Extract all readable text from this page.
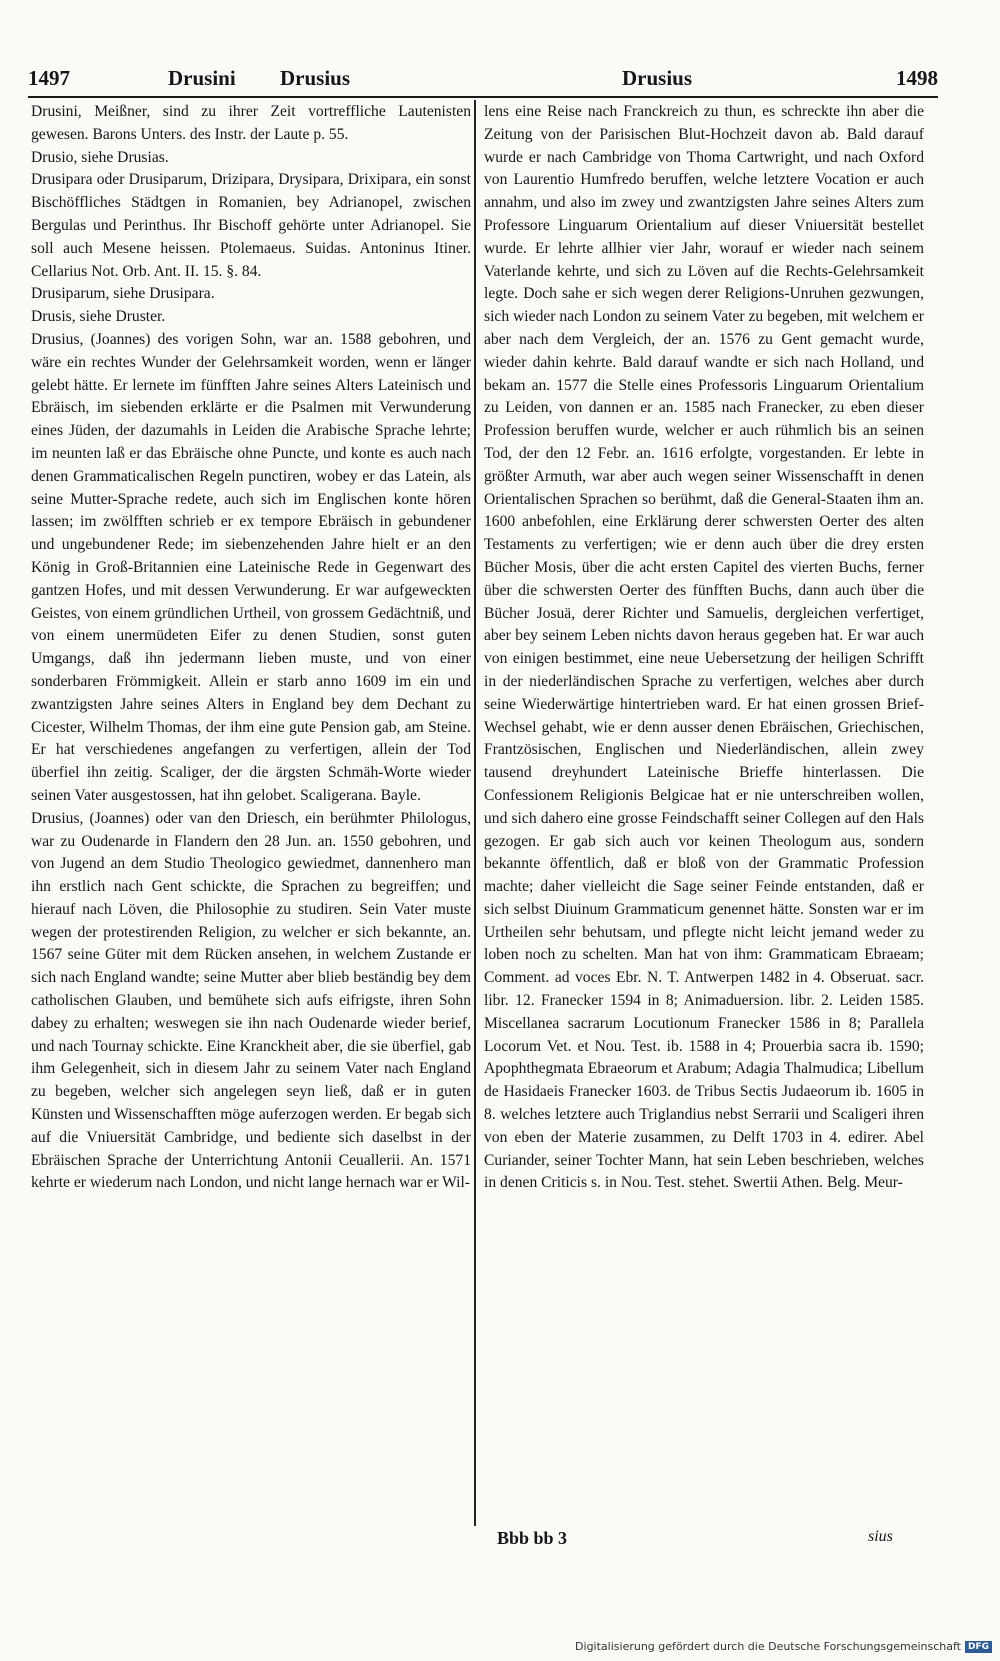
1497	Drusini Drusius	Drusius	1498

Drusini, Meißner, sind zu ihrer Zeit vortreffliche Lautenisten gewesen. Barons Unters. des Instr. der Laute p. 55.

Drusio, siehe Drusias.

Drusipara oder Drusiparum, Drizipara, Drysipara, Drixipara, ein sonst Bischöffliches Städtgen in Romanien, bey Adrianopel, zwischen Bergulas und Perinthus. Ihr Bischoff gehörte unter Adrianopel. Sie soll auch Mesene heissen. Ptolemaeus. Suidas. Antoninus Itiner. Cellarius Not. Orb. Ant. II. 15. §. 84.

Drusiparum, siehe Drusipara.

Drusis, siehe Druster.

Drusius, (Joannes) des vorigen Sohn, war an. 1588 gebohren, und wäre ein rechtes Wunder der Gelehrsamkeit worden, wenn er länger gelebt hätte. Er lernete im fünfften Jahre seines Alters Lateinisch und Ebräisch, im siebenden erklärte er die Psalmen mit Verwunderung eines Jüden, der dazumahls in Leiden die Arabische Sprache lehrte; im neunten laß er das Ebräische ohne Puncte, und konte es auch nach denen Grammaticalischen Regeln punctiren, wobey er das Latein, als seine Mutter-Sprache redete, auch sich im Englischen konte hören lassen; im zwölfften schrieb er ex tempore Ebräisch in gebundener und ungebundener Rede; im siebenzehenden Jahre hielt er an den König in Groß-Britannien eine Lateinische Rede in Gegenwart des gantzen Hofes, und mit dessen Verwunderung. Er war aufgeweckten Geistes, von einem gründlichen Urtheil, von grossem Gedächtniß, und von einem unermüdeten Eifer zu denen Studien, sonst guten Umgangs, daß ihn jedermann lieben muste, und von einer sonderbaren Frömmigkeit. Allein er starb anno 1609 im ein und zwantzigsten Jahre seines Alters in England bey dem Dechant zu Cicester, Wilhelm Thomas, der ihm eine gute Pension gab, am Steine. Er hat verschiedenes angefangen zu verfertigen, allein der Tod überfiel ihn zeitig. Scaliger, der die ärgsten Schmäh-Worte wieder seinen Vater ausgestossen, hat ihn gelobet. Scaligerana. Bayle.

Drusius, (Joannes) oder van den Driesch, ein berühmter Philologus, war zu Oudenarde in Flandern den 28 Jun. an. 1550 gebohren, und von Jugend an dem Studio Theologico gewiedmet, dannenhero man ihn erstlich nach Gent schickte, die Sprachen zu begreiffen; und hierauf nach Löven, die Philosophie zu studiren. Sein Vater muste wegen der protestirenden Religion, zu welcher er sich bekannte, an. 1567 seine Güter mit dem Rücken ansehen, in welchem Zustande er sich nach England wandte; seine Mutter aber blieb beständig bey dem catholischen Glauben, und bemühete sich aufs eifrigste, ihren Sohn dabey zu erhalten; weswegen sie ihn nach Oudenarde wieder berief, und nach Tournay schickte. Eine Kranckheit aber, die sie überfiel, gab ihm Gelegenheit, sich in diesem Jahr zu seinem Vater nach England zu begeben, welcher sich angelegen seyn ließ, daß er in guten Künsten und Wissenschafften möge auferzogen werden. Er begab sich auf die Vniuersität Cambridge, und bediente sich daselbst in der Ebräischen Sprache der Unterrichtung Antonii Ceuallerii. An. 1571 kehrte er wiederum nach London, und nicht lange hernach war er Wil-

lens eine Reise nach Franckreich zu thun, es schreckte ihn aber die Zeitung von der Parisischen Blut-Hochzeit davon ab. Bald darauf wurde er nach Cambridge von Thoma Cartwright, und nach Oxford von Laurentio Humfredo beruffen, welche letztere Vocation er auch annahm, und also im zwey und zwantzigsten Jahre seines Alters zum Professore Linguarum Orientalium auf dieser Vniuersität bestellet wurde. Er lehrte allhier vier Jahr, worauf er wieder nach seinem Vaterlande kehrte, und sich zu Löven auf die Rechts-Gelehrsamkeit legte. Doch sahe er sich wegen derer Religions-Unruhen gezwungen, sich wieder nach London zu seinem Vater zu begeben, mit welchem er aber nach dem Vergleich, der an. 1576 zu Gent gemacht wurde, wieder dahin kehrte. Bald darauf wandte er sich nach Holland, und bekam an. 1577 die Stelle eines Professoris Linguarum Orientalium zu Leiden, von dannen er an. 1585 nach Franecker, zu eben dieser Profession beruffen wurde, welcher er auch rühmlich bis an seinen Tod, der den 12 Febr. an. 1616 erfolgte, vorgestanden. Er lebte in größter Armuth, war aber auch wegen seiner Wissenschafft in denen Orientalischen Sprachen so berühmt, daß die General-Staaten ihm an. 1600 anbefohlen, eine Erklärung derer schwersten Oerter des alten Testaments zu verfertigen; wie er denn auch über die drey ersten Bücher Mosis, über die acht ersten Capitel des vierten Buchs, ferner über die schwersten Oerter des fünfften Buchs, dann auch über die Bücher Josuä, derer Richter und Samuelis, dergleichen verfertiget, aber bey seinem Leben nichts davon heraus gegeben hat. Er war auch von einigen bestimmet, eine neue Uebersetzung der heiligen Schrifft in der niederländischen Sprache zu verfertigen, welches aber durch seine Wiederwärtige hintertrieben ward. Er hat einen grossen Brief-Wechsel gehabt, wie er denn ausser denen Ebräischen, Griechischen, Frantzösischen, Englischen und Niederländischen, allein zwey tausend dreyhundert Lateinische Brieffe hinterlassen. Die Confessionem Religionis Belgicae hat er nie unterschreiben wollen, und sich dahero eine grosse Feindschafft seiner Collegen auf den Hals gezogen. Er gab sich auch vor keinen Theologum aus, sondern bekannte öffentlich, daß er bloß von der Grammatic Profession machte; daher vielleicht die Sage seiner Feinde entstanden, daß er sich selbst Diuinum Grammaticum genennet hätte. Sonsten war er im Urtheilen sehr behutsam, und pflegte nicht leicht jemand weder zu loben noch zu schelten. Man hat von ihm: Grammaticam Ebraeam; Comment. ad voces Ebr. N. T. Antwerpen 1482 in 4. Obseruat. sacr. libr. 12. Franecker 1594 in 8; Animaduersion. libr. 2. Leiden 1585. Miscellanea sacrarum Locutionum Franecker 1586 in 8; Parallela Locorum Vet. et Nou. Test. ib. 1588 in 4; Prouerbia sacra ib. 1590; Apophthegmata Ebraeorum et Arabum; Adagia Thalmudica; Libellum de Hasidaeis Franecker 1603. de Tribus Sectis Judaeorum ib. 1605 in 8. welches letztere auch Triglandius nebst Serrarii und Scaligeri ihren von eben der Materie zusammen, zu Delft 1703 in 4. edirer. Abel Curiander, seiner Tochter Mann, hat sein Leben beschrieben, welches in denen Criticis s. in Nou. Test. stehet. Swertii Athen. Belg. Meur-

Bbb bb 3	sius
Digitalisierung gefördert durch die Deutsche Forschungsgemeinschaft DFG
